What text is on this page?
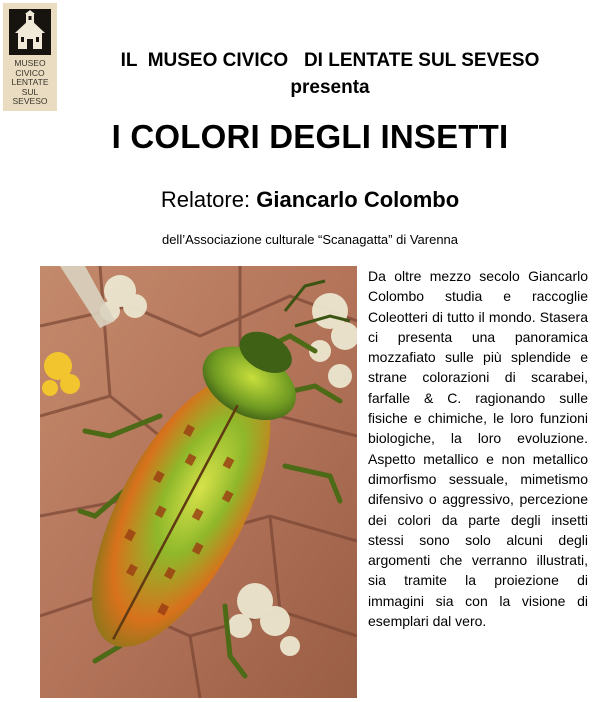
MUSEO
CIVICO
LENTATE
SUL
SEVESO
IL  MUSEO CIVICO   DI LENTATE SUL SEVESO
presenta
I COLORI DEGLI INSETTI
Relatore: Giancarlo Colombo
dell’Associazione culturale “Scanagatta” di Varenna
Da oltre mezzo secolo Giancarlo Colombo studia e raccoglie Coleotteri di tutto il mondo. Stasera ci presenta una panoramica mozzafiato sulle più splendide e strane colorazioni di scarabei, farfalle & C. ragionando sulle fisiche e chimiche, le loro funzioni biologiche, la loro evoluzione. Aspetto metallico e non metallico dimorfismo sessuale, mimetismo difensivo o aggressivo, percezione dei colori da parte degli insetti stessi sono solo alcuni degli argomenti che verranno illustrati, sia tramite la proiezione di immagini sia con la visione di esemplari dal vero.
